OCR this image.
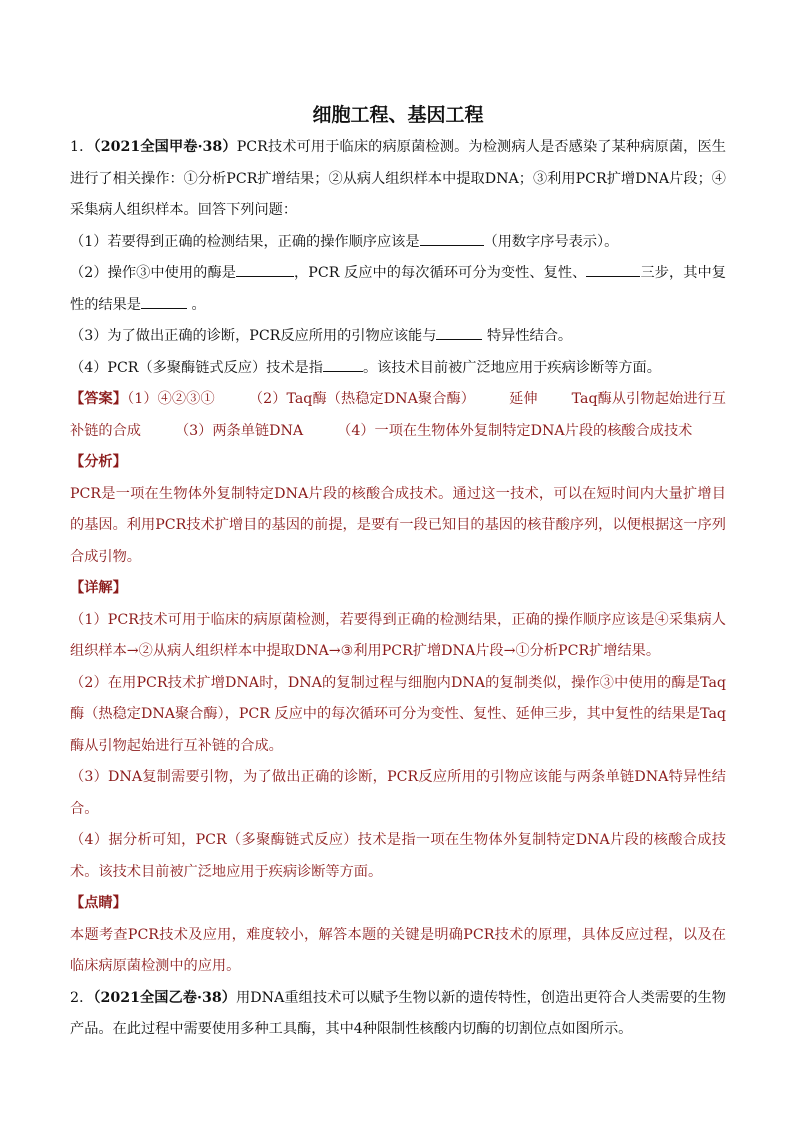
细胞工程、基因工程

1．（2021全国甲卷·38）PCR技术可用于临床的病原菌检测。为检测病人是否感染了某种病原菌，医生进行了相关操作：①分析PCR扩增结果；②从病人组织样本中提取DNA；③利用PCR扩增DNA片段；④采集病人组织样本。回答下列问题：

（1）若要得到正确的检测结果，正确的操作顺序应该是	（用数字序号表示）。

（2）操作③中使用的酶是	，PCR 反应中的每次循环可分为变性、复性、	三步，其中复性的结果是	。

（3）为了做出正确的诊断，PCR反应所用的引物应该能与	特异性结合。

（4）PCR（多聚酶链式反应）技术是指	。该技术目前被广泛地应用于疾病诊断等方面。

【答案】（1）④②③① （2）Taq酶（热稳定DNA聚合酶） 延伸 Taq酶从引物起始进行互补链的合成 （3）两条单链DNA （4）一项在生物体外复制特定DNA片段的核酸合成技术

【分析】

PCR是一项在生物体外复制特定DNA片段的核酸合成技术。通过这一技术，可以在短时间内大量扩增目的基因。利用PCR技术扩增目的基因的前提，是要有一段已知目的基因的核苷酸序列，以便根据这一序列合成引物。

【详解】

（1）PCR技术可用于临床的病原菌检测，若要得到正确的检测结果，正确的操作顺序应该是④采集病人组织样本→②从病人组织样本中提取DNA→③利用PCR扩增DNA片段→①分析PCR扩增结果。

（2）在用PCR技术扩增DNA时，DNA的复制过程与细胞内DNA的复制类似，操作③中使用的酶是Taq酶（热稳定DNA聚合酶），PCR 反应中的每次循环可分为变性、复性、延伸三步，其中复性的结果是Taq酶从引物起始进行互补链的合成。

（3）DNA复制需要引物，为了做出正确的诊断，PCR反应所用的引物应该能与两条单链DNA特异性结合。

（4）据分析可知，PCR（多聚酶链式反应）技术是指一项在生物体外复制特定DNA片段的核酸合成技术。该技术目前被广泛地应用于疾病诊断等方面。

【点睛】

本题考查PCR技术及应用，难度较小，解答本题的关键是明确PCR技术的原理，具体反应过程，以及在临床病原菌检测中的应用。

2．（2021全国乙卷·38）用DNA重组技术可以赋予生物以新的遗传特性，创造出更符合人类需要的生物产品。在此过程中需要使用多种工具酶，其中4种限制性核酸内切酶的切割位点如图所示。
